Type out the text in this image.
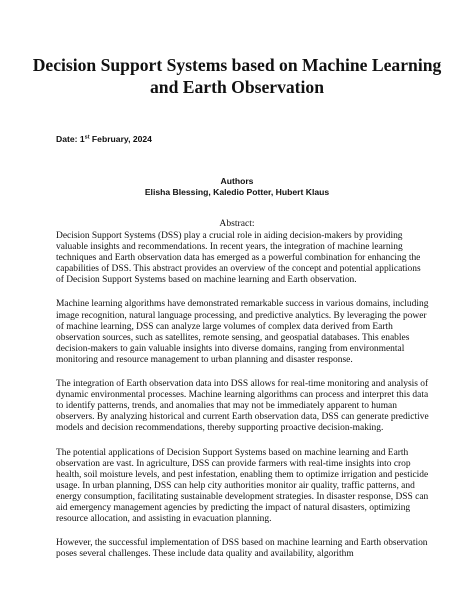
Decision Support Systems based on Machine Learning and Earth Observation
Date: 1st February, 2024
Authors
Elisha Blessing, Kaledio Potter, Hubert Klaus
Abstract:

Decision Support Systems (DSS) play a crucial role in aiding decision-makers by providing valuable insights and recommendations. In recent years, the integration of machine learning techniques and Earth observation data has emerged as a powerful combination for enhancing the capabilities of DSS. This abstract provides an overview of the concept and potential applications of Decision Support Systems based on machine learning and Earth observation.

Machine learning algorithms have demonstrated remarkable success in various domains, including image recognition, natural language processing, and predictive analytics. By leveraging the power of machine learning, DSS can analyze large volumes of complex data derived from Earth observation sources, such as satellites, remote sensing, and geospatial databases. This enables decision-makers to gain valuable insights into diverse domains, ranging from environmental monitoring and resource management to urban planning and disaster response.

The integration of Earth observation data into DSS allows for real-time monitoring and analysis of dynamic environmental processes. Machine learning algorithms can process and interpret this data to identify patterns, trends, and anomalies that may not be immediately apparent to human observers. By analyzing historical and current Earth observation data, DSS can generate predictive models and decision recommendations, thereby supporting proactive decision-making.

The potential applications of Decision Support Systems based on machine learning and Earth observation are vast. In agriculture, DSS can provide farmers with real-time insights into crop health, soil moisture levels, and pest infestation, enabling them to optimize irrigation and pesticide usage. In urban planning, DSS can help city authorities monitor air quality, traffic patterns, and energy consumption, facilitating sustainable development strategies. In disaster response, DSS can aid emergency management agencies by predicting the impact of natural disasters, optimizing resource allocation, and assisting in evacuation planning.

However, the successful implementation of DSS based on machine learning and Earth observation poses several challenges. These include data quality and availability, algorithm
